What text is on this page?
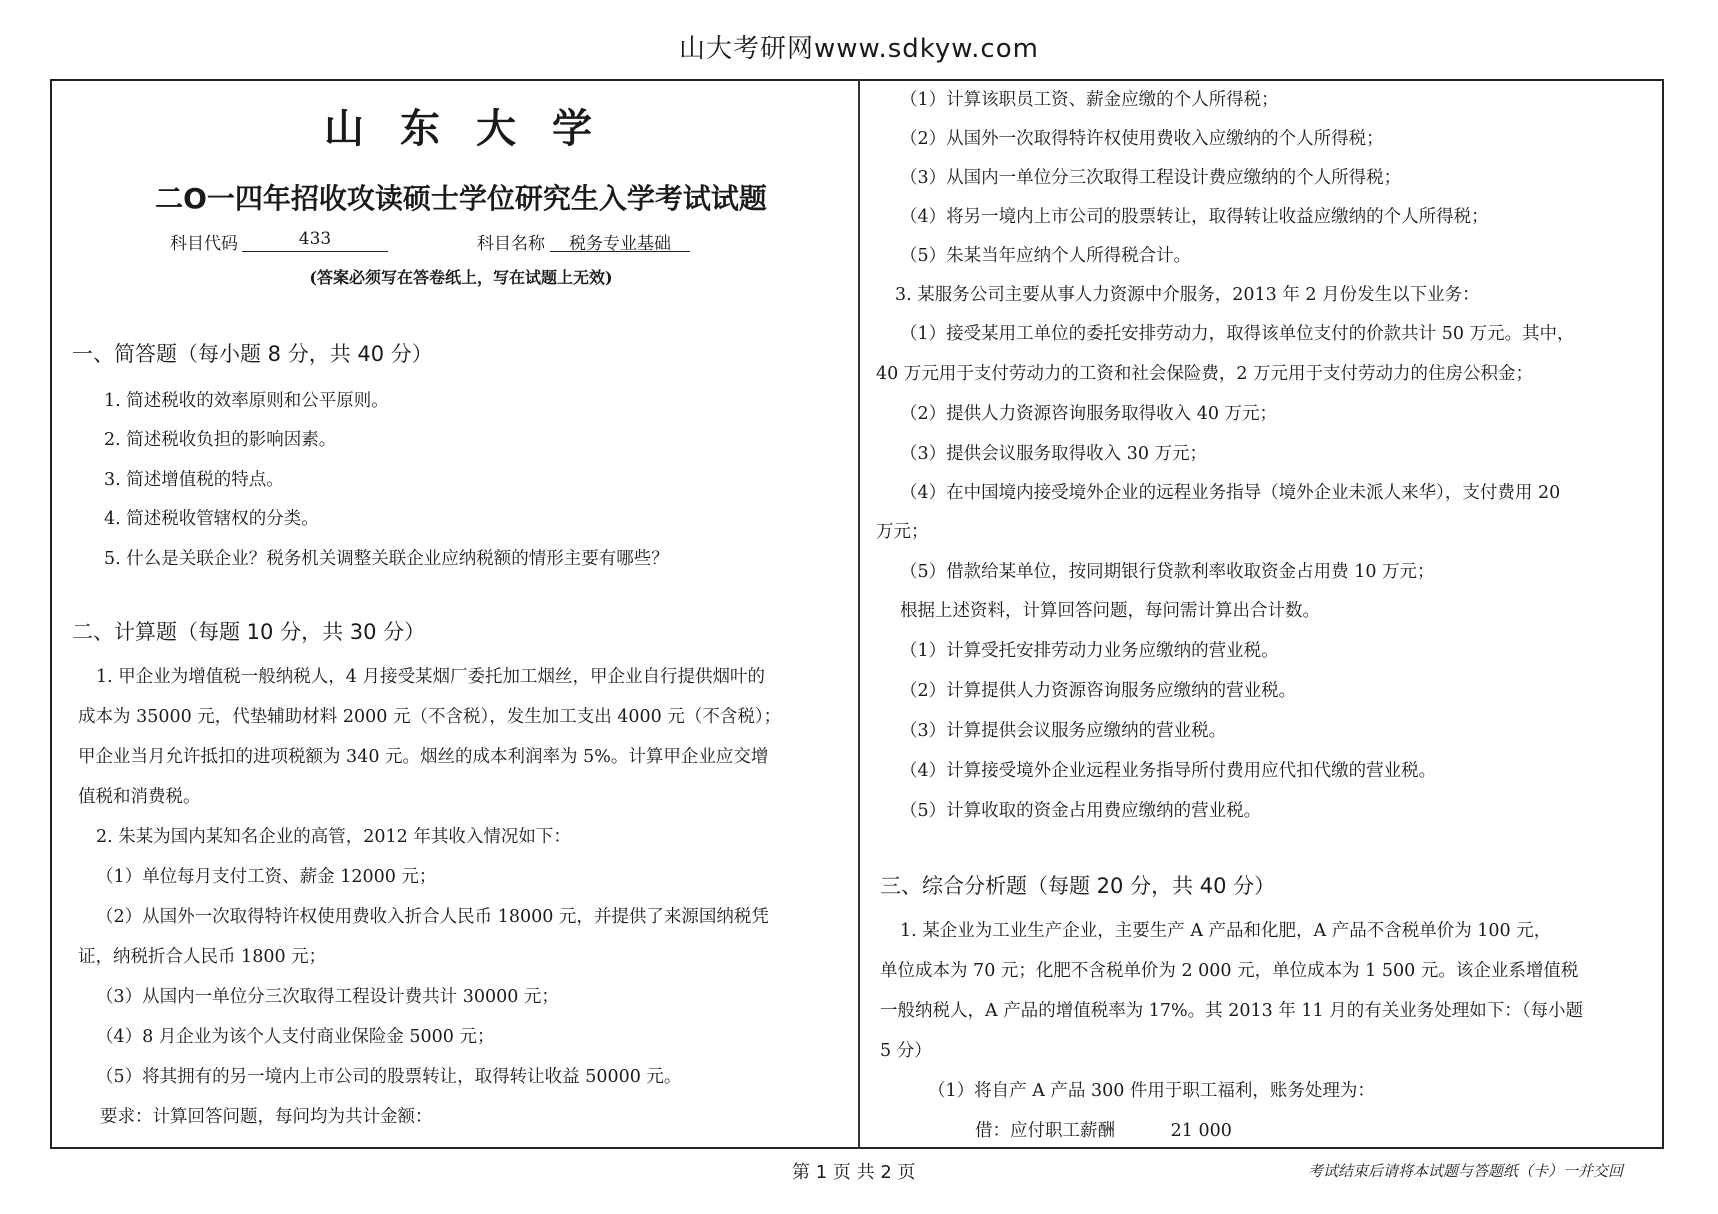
山大考研网www.sdkyw.com
山东大学
二O一四年招收攻读硕士学位研究生入学考试试题
科目代码	433	科目名称	税务专业基础
(答案必须写在答卷纸上，写在试题上无效)
一、简答题（每小题 8 分，共 40 分）
1. 简述税收的效率原则和公平原则。
2. 简述税收负担的影响因素。
3. 简述增值税的特点。
4. 简述税收管辖权的分类。
5. 什么是关联企业？税务机关调整关联企业应纳税额的情形主要有哪些？
二、计算题（每题 10 分，共 30 分）
1. 甲企业为增值税一般纳税人，4 月接受某烟厂委托加工烟丝，甲企业自行提供烟叶的
成本为 35000 元，代垫辅助材料 2000 元（不含税），发生加工支出 4000 元（不含税）；
甲企业当月允许抵扣的进项税额为 340 元。烟丝的成本利润率为 5%。计算甲企业应交增
值税和消费税。
2. 朱某为国内某知名企业的高管，2012 年其收入情况如下：
（1）单位每月支付工资、薪金 12000 元；
（2）从国外一次取得特许权使用费收入折合人民币 18000 元，并提供了来源国纳税凭
证，纳税折合人民币 1800 元；
（3）从国内一单位分三次取得工程设计费共计 30000 元；
（4）8 月企业为该个人支付商业保险金 5000 元；
（5）将其拥有的另一境内上市公司的股票转让，取得转让收益 50000 元。
要求：计算回答问题，每问均为共计金额：
（1）计算该职员工资、薪金应缴的个人所得税；
（2）从国外一次取得特许权使用费收入应缴纳的个人所得税；
（3）从国内一单位分三次取得工程设计费应缴纳的个人所得税；
（4）将另一境内上市公司的股票转让，取得转让收益应缴纳的个人所得税；
（5）朱某当年应纳个人所得税合计。
3. 某服务公司主要从事人力资源中介服务，2013 年 2 月份发生以下业务：
（1）接受某用工单位的委托安排劳动力，取得该单位支付的价款共计 50 万元。其中，
40 万元用于支付劳动力的工资和社会保险费，2 万元用于支付劳动力的住房公积金；
（2）提供人力资源咨询服务取得收入 40 万元；
（3）提供会议服务取得收入 30 万元；
（4）在中国境内接受境外企业的远程业务指导（境外企业未派人来华），支付费用 20
万元；
（5）借款给某单位，按同期银行贷款利率收取资金占用费 10 万元；
根据上述资料，计算回答问题，每问需计算出合计数。
（1）计算受托安排劳动力业务应缴纳的营业税。
（2）计算提供人力资源咨询服务应缴纳的营业税。
（3）计算提供会议服务应缴纳的营业税。
（4）计算接受境外企业远程业务指导所付费用应代扣代缴的营业税。
（5）计算收取的资金占用费应缴纳的营业税。
三、综合分析题（每题 20 分，共 40 分）
1. 某企业为工业生产企业，主要生产 A 产品和化肥，A 产品不含税单价为 100 元，
单位成本为 70 元；化肥不含税单价为 2 000 元，单位成本为 1 500 元。该企业系增值税
一般纳税人，A 产品的增值税率为 17%。其 2013 年 11 月的有关业务处理如下：（每小题
5 分）
（1）将自产 A 产品 300 件用于职工福利，账务处理为：
借：应付职工薪酬          21 000
第 1 页 共 2 页	考试结束后请将本试题与答题纸（卡）一并交回
